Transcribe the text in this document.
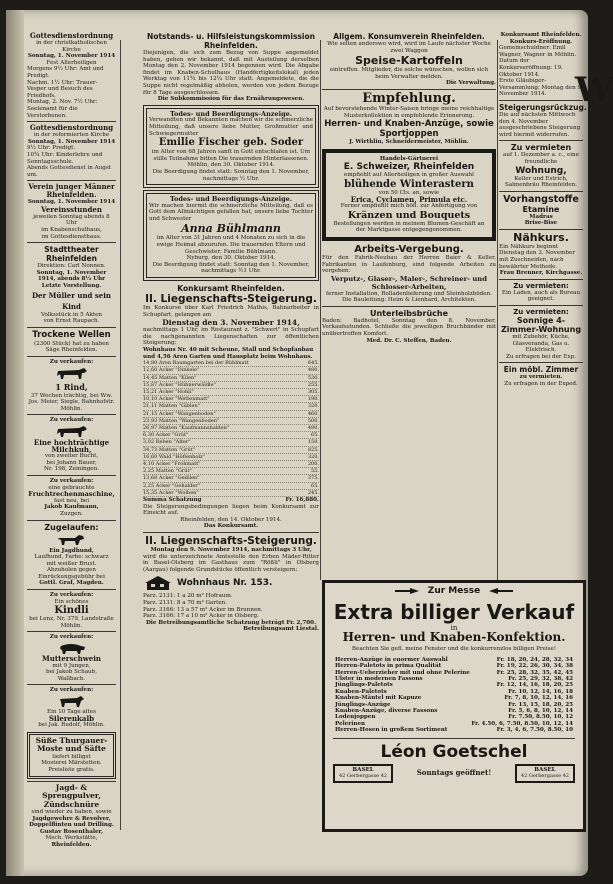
W
Gottesdienstordnung
in der christkatholischen Kirche
Sonntag, 1. November 1914
Fest Allerheiligen
Morgens 9½ Uhr: Amt und Predigt.
Nachm. 1½ Uhr: Trauer-Vesper und Besuch des Friedhofs.
Montag, 2. Nov. 7½ Uhr: Seelenamt für die Verstorbenen.
Gottesdienstordnung
in der reformierten Kirche
Sonntag, 1. November 1914
9½ Uhr: Predigt.
10¾ Uhr: Kinderlehre und Sonntagsschule.
Abends Gottesdienst in Augst um.
Verein junger Männer Rheinfelden.
Sonntag, 1. November 1914
Vereinsstunden
jeweilen Sonntag abends 8 Uhr
im Knabenschulhaus,
im Gottesdiensthaus.
Stadttheater Rheinfelden
Direktion: Carl Nonnen.
Sonntag, 1. November 1914, abends 8¼ Uhr
Letzte Vorstellung.
Der Müller und sein Kind
Volksstück in 5 Akten
von Ernst Raupach.
Trockene Wellen
(2300 Stück) hat zu haben
Säge Rheinfelden.
Zu verkaufen:
1 Rind,
37 Wochen trächtig, bei Ww. Jos. Meier, Siegle, Bahnhofstr.
Möhlin.
Zu verkaufen:
Eine hochträchtige Milchkuh,
von zweiter Bucht,
bei Johann Bauer,
Nr. 198, Zeiningen.
Zu verkaufen:
eine gebrauchte
Fruchtrechenmaschine,
fast neu, bei
Jakob Kaufmann,
Zuzgen.
Zugelaufen:
Ein Jagdhund,
Laufhund, Farbe: schwarz
mit weißer Brust.
Abzuholen gegen Einrückungsgebühr bei
Gottl. Graf, Magden.
Zu verkaufen:
Ein schönes
Kindli
bei Lenz, Nr. 379, Landstraße Möhlin.
Zu verkaufen:
Mutterschwein
mit 9 Jungen,
bei Jakob Schaub,
Wallbach.
Zu verkaufen:
Ein 10 Tage altes
Silerenkalb
bei Jak. Rudolf, Möhlin.
Süße Thurgauer-Moste und Säfte
liefert billigst
Mosterei Märstetten.
Preisliste gratis.
Jagd- & Sprengpulver, Zündschnüre
sind wieder zu haben, sowie
Jagdgewehre & Revolver,
Doppelflinten und Drilling.
Gustav Rosenthaler,
Mech. Werkstätte,
Rheinfelden.
Notstands- u. Hilfsleistungskommission Rheinfelden.
Diejenigen, die sich zum Bezug von Suppe angemeldet haben, gehen wir bekannt, daß mit Austeilung derselben Montag den 2. November 1914 begonnen wird. Die Abgabe findet im Knaben-Schulhaus (Handfertigkeitslokal) jeden Werktag von 11¾ bis 12¼ Uhr statt. Angemeldete, die die Suppe nicht regelmäßig abholen, werden von jedem Bezuge für 8 Tage ausgeschlossen.
Die Subkommission für das Ernährungswesen.
Todes- und Beerdigungs-Anzeige.
Verwandten und Bekannten machen wir die schmerzliche Mitteilung, daß unsere liebe Mutter, Großmutter und Schwiegermutter
Emilie Fischer geb. Soder
im Alter von 68 Jahren sanft in Gott entschlafen ist. Um stille Teilnahme bitten Die trauernden Hinterlassenen.
Möhlin, den 30. Oktober 1914.
Die Beerdigung findet statt: Sonntag den 1. November, nachmittags ½ Uhr.
Todes- und Beerdigungs-Anzeige.
Wir machen hiermit die schmerzliche Mitteilung, daß es Gott dem Allmächtigen gefallen hat, unsere liebe Tochter und Schwester
Anna Bühlmann
im Alter von 31 Jahren und 4 Monaten zu sich in die ewige Heimat abzurufen. Die trauernden Eltern und Geschwister: Familie Bühlmann.
Nyburg, den 30. Oktober 1914.
Die Beerdigung findet statt: Sonntag den 1. November, nachmittags ½1 Uhr.
Konkursamt Rheinfelden.
II. Liegenschafts-Steigerung.
Im Konkurse über Karl Friedrich Mathis, Bahnarbeiter in Schupfart, gelangen am
Dienstag den 3. November 1914,
nachmittags 1 Uhr, im Restaurant z. "Schwert" in Schupfart die nachgenannten Liegenschaften zur öffentlichen Steigerung:
Wohnhaus Nr. 40 mit Scheune, Stall und Schopfanbau und 4,56 Aren Garten und Hausplatz beim Wohnhaus.
14,80 Aren Baumgarten bei der Bühlmatt	645.
12,60 Acker "Dinkele"	480.
14,45 Matten "Kilen"	530.
15,87 Acker "Hühnerwäldle"	255.
15,21 Acker "Hohli"	305.
10,10 Acker "Wettenmatt"	190.
21,11 Matten "Giblen"	320.
21,15 Acker "Wangenboden"	460.
23,93 Matten "Wangenboden"	500.
26,97 Matten "Kaufmannshalden"	490.
6,30 Acker "Grüt"	65.
3,02 Reben "Alter"	150.
34,73 Matten "Grüt"	825.
16,60 Wald "Höflenholz"	320.
4,10 Acker "Frohmatt"	200.
2,25 Matten "Grüt"	55.
13,68 Acker "Geißlen"	375.
2,25 Acker "Gehalder"	65.
15,35 Acker "Wolben"	245.
Summa Schatzung	Fr. 16,880.
Die Steigerungsbedingungen liegen beim Konkursamt zur Einsicht auf.
Rheinfelden, den 14. Oktober 1914.
Das Konkursamt.
II. Liegenschafts-Steigerung.
Montag den 9. November 1914, nachmittags 3 Uhr,
wird die unterzeichnete Amtsstelle den Erben Mäder-Ritter in Basel-Olsberg im Gasthaus zum "Rößli" in Olsberg (Aargau) folgende Grundstücke öffentlich versteigern:
Wohnhaus Nr. 153.
Parz. 2131: 1 a 20 m² Hofraum.
Parz. 2131: 8 a 70 m² Garten.
Parz. 3166: 13 a 57 m² Acker im Brunnen.
Parz. 3166: 17 a 10 m² Acker in Olsberg.
Die Betreibungsamtliche Schatzung beträgt Fr. 2,700.
Betreibungsamt Liestal.
Allgem. Konsumverein Rheinfelden.
Wie selten anderswo wird, wird im Laufe nächster Woche zwei Waggon
Speise-Kartoffeln
eintreffen. Mitglieder, die solche wünschen, wollen sich beim Verwalter melden.
Die Verwaltung.
Empfehlung.
Auf bevorstehende Winter-Saison bringe meine reichhaltige Musterkollektion in empfehlende Erinnerung.
Herren- und Knaben-Anzüge, sowie Sportjoppen
J. Wirthlin, Schneidermeister, Möhlin.
Handels-Gärtnerei
E. Schweizer, Rheinfelden
empfiehlt auf Allerheiligen in großer Auswahl
blühende Winterastern
von 50 Cts. an, sowie
Erica, Cyclamen, Primula etc.
Ferner empfiehlt mich höfl. zur Anfertigung von
Kränzen und Bouquets
Bestellungen werden in meinem Blumen-Geschäft an der Marktgasse entgegengenommen.
Arbeits-Vergebung.
Für den Fabrik-Neubau der Herren Baier & Keller, Fabrikanten in Laufenburg, sind folgende Arbeiten zu vergeben:
Verputz-, Glaser-, Maler-, Schreiner- und Schlosser-Arbeiten,
ferner Installation, Rolladenlieferung und Steinholzböden.
Die Bauleitung: Heim & Lienhard, Architekten.
Unterleibsbrüche
Baden: Badhotel, Sonntag den 8. November, Verkaufsstunden. Schließe die jeweiligen Bruchbänder mit unübertroffen Komfort.
Med. Dr. C. Steffen, Baden.
Konkursamt Rheinfelden.
Konkurs-Eröffnung.
Gemeinschuldner: Emil Wagner, Wagner in Möhlin.
Datum der Konkurseröffnung: 19. Oktober 1914.
Erste Gläubiger-Versammlung: Montag den 9. November 1914.
Steigerungsrückzug.
Die auf nächsten Mittwoch den 4. November ausgeschriebene Steigerung wird hiermit widerrufen.
Zu vermieten
auf 1. Dezember a. c., eine freundliche
Wohnung,
Keller und Estrich, Salmenbräu Rheinfelden.
Vorhangstoffe
Etamine
Madras
Brise-Bise
Nähkurs.
Ein Nähkurs beginnt Dienstag den 3. November mit Zuschneiden, nach bewährter Methode.
Frau Brenner, Kirchgasse.
Zu vermieten:
Ein Laden, auch als Bureau geeignet.
Zu vermieten:
Sonnige 4-Zimmer-Wohnung
mit Zubehör, Küche, Glasveranda, Gas u. Elektrisch.
Zu erfragen bei der Exp.
Ein möbl. Zimmer
zu vermieten.
Zu erfragen in der Exped.
Zur Messe
Extra billiger Verkauf
in
Herren- und Knaben-Konfektion.
Beachten Sie gefl. meine Fenster und die konkurrenzlos billigen Preise!
Herren-Anzüge in enormer Auswahl	Fr. 18, 20, 24, 28, 32, 34
Herren-Paletots in prima Qualität	Fr. 19, 22, 26, 30, 34, 38
Herren-Ueberzieher mit und ohne Pelerine	Fr. 25, 28, 32, 35, 42, 45
Ulster in modernen Fassons	Fr. 25, 29, 32, 38, 42
Jünglings-Paletots	Fr. 12, 14, 16, 18, 20, 25
Knaben-Paletots	Fr. 10, 12, 14, 16, 18
Knaben-Mäntel mit Kapuze	Fr. 7, 8, 10, 12, 14, 16
Jünglings-Anzüge	Fr. 13, 15, 18, 20, 25
Knaben-Anzüge, diverse Fassons	Fr. 5, 6, 8, 10, 12, 14
Lodenjoppen	Fr. 7.50, 8.50, 10, 12
Pelerinen	Fr. 4.50, 6, 7.50, 8.50, 10, 12, 14
Herren-Hosen in großem Sortiment	Fr. 3, 4, 6, 7.50, 8.50, 10
Léon Goetschel
BASEL
42 Gerbergasse 42	Sonntags geöffnet!	BASEL
42 Gerbergasse 42
